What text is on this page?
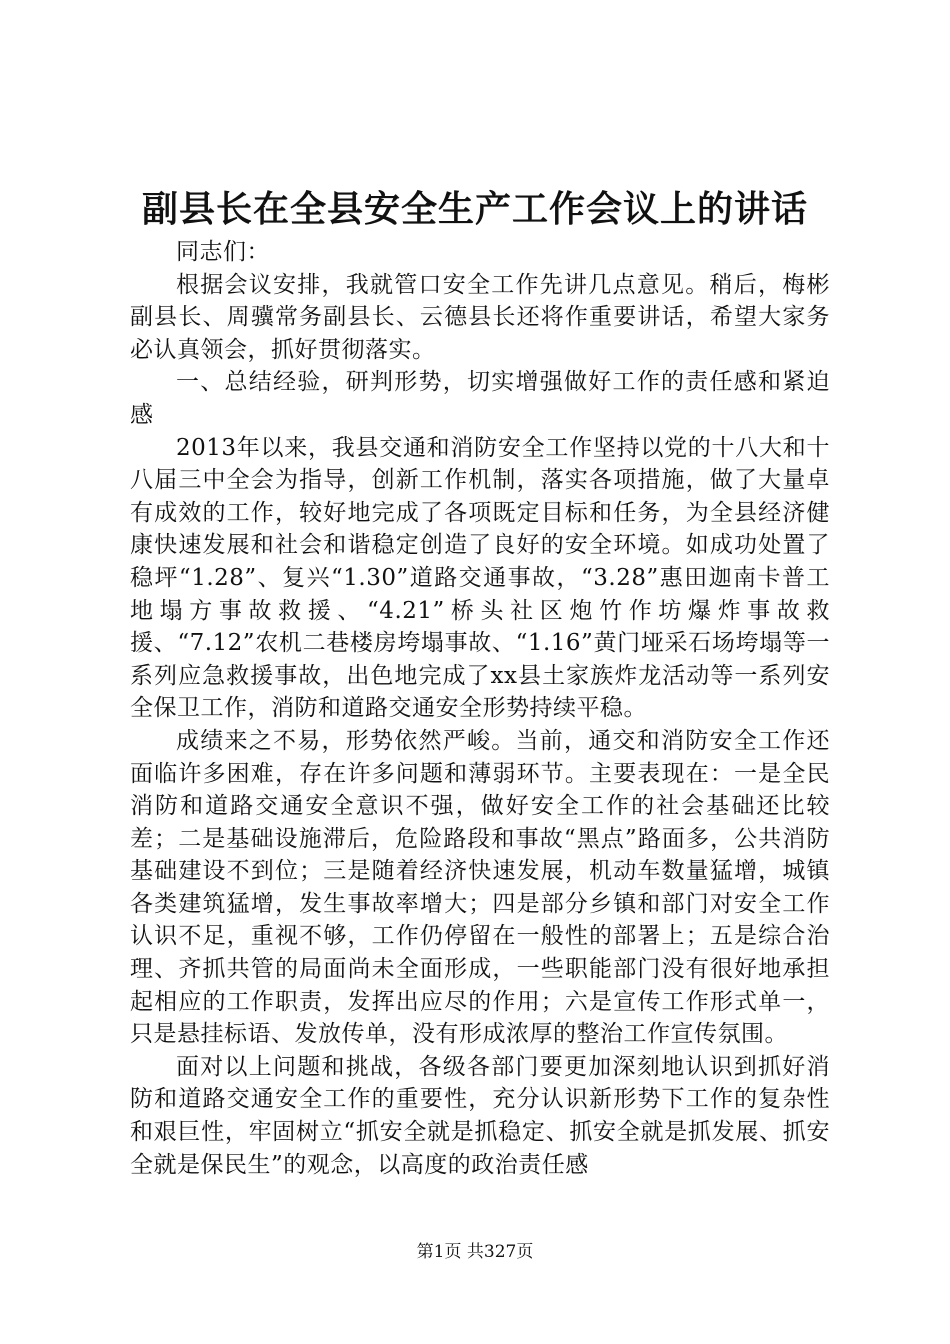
副县长在全县安全生产工作会议上的讲话

同志们：

根据会议安排，我就管口安全工作先讲几点意见。稍后，梅彬副县长、周骥常务副县长、云德县长还将作重要讲话，希望大家务必认真领会，抓好贯彻落实。

一、总结经验，研判形势，切实增强做好工作的责任感和紧迫感

2013年以来，我县交通和消防安全工作坚持以党的十八大和十八届三中全会为指导，创新工作机制，落实各项措施，做了大量卓有成效的工作，较好地完成了各项既定目标和任务，为全县经济健康快速发展和社会和谐稳定创造了良好的安全环境。如成功处置了稳坪“1.28”、复兴“1.30”道路交通事故，“3.28”惠田迦南卡普工地塌方事故救援、“4.21”桥头社区炮竹作坊爆炸事故救援、“7.12”农机二巷楼房垮塌事故、“1.16”黄门垭采石场垮塌等一系列应急救援事故，出色地完成了xx县土家族炸龙活动等一系列安全保卫工作，消防和道路交通安全形势持续平稳。

成绩来之不易，形势依然严峻。当前，通交和消防安全工作还面临许多困难，存在许多问题和薄弱环节。主要表现在：一是全民消防和道路交通安全意识不强，做好安全工作的社会基础还比较差；二是基础设施滞后，危险路段和事故“黑点”路面多，公共消防基础建设不到位；三是随着经济快速发展，机动车数量猛增，城镇各类建筑猛增，发生事故率增大；四是部分乡镇和部门对安全工作认识不足，重视不够，工作仍停留在一般性的部署上；五是综合治理、齐抓共管的局面尚未全面形成，一些职能部门没有很好地承担起相应的工作职责，发挥出应尽的作用；六是宣传工作形式单一，只是悬挂标语、发放传单，没有形成浓厚的整治工作宣传氛围。

面对以上问题和挑战，各级各部门要更加深刻地认识到抓好消防和道路交通安全工作的重要性，充分认识新形势下工作的复杂性和艰巨性，牢固树立“抓安全就是抓稳定、抓安全就是抓发展、抓安全就是保民生”的观念，以高度的政治责任感

第1页 共327页
